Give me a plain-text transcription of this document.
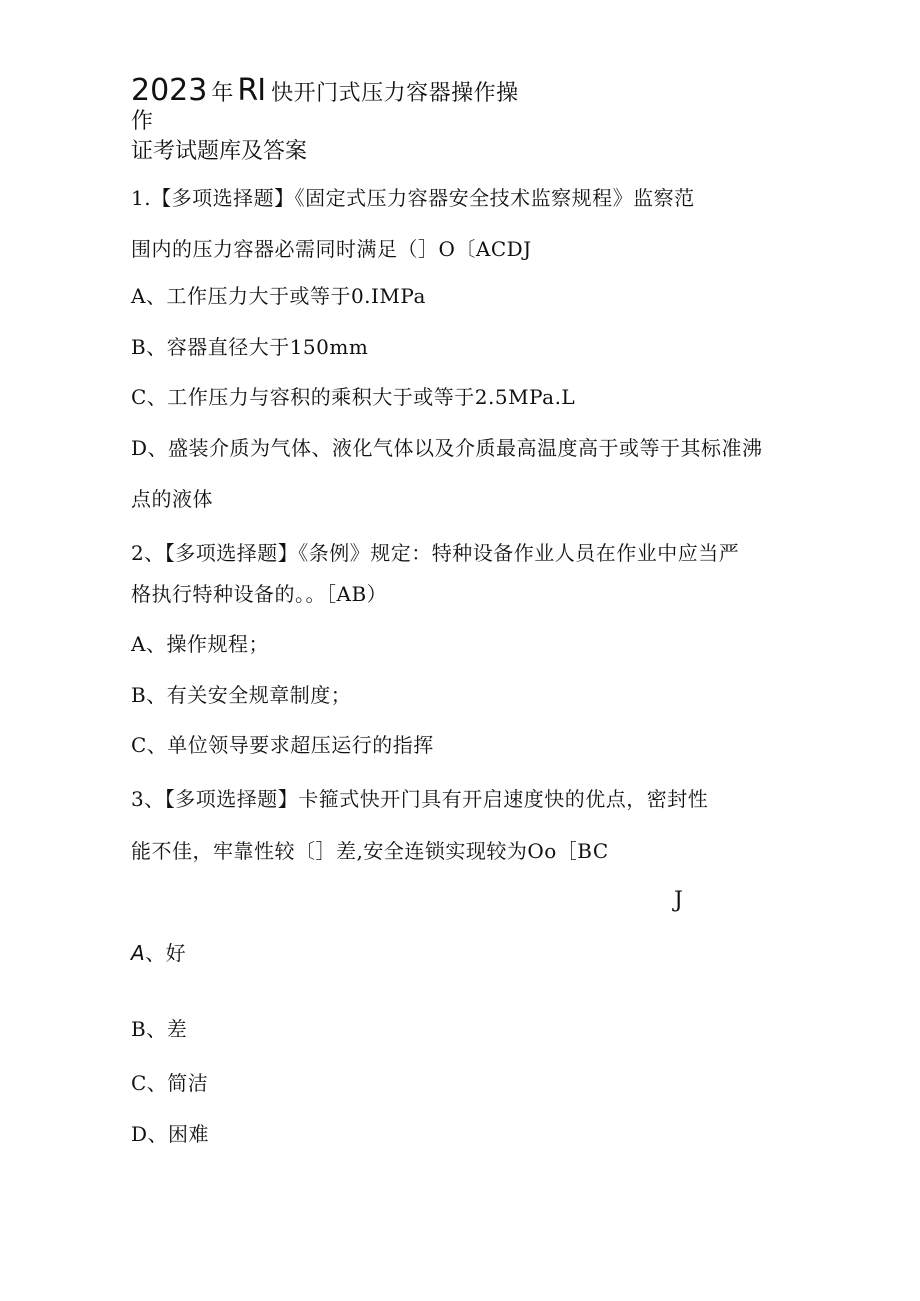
2023 年 RI 快开门式压力容器操作操
作
证考试题库及答案
1.【多项选择题】《固定式压力容器安全技术监察规程》监察范
围内的压力容器必需同时满足（］O〔ACDJ
A、工作压力大于或等于0.IMPa
B、容器直径大于150mm
C、工作压力与容积的乘积大于或等于2.5MPa.L
D、盛装介质为气体、液化气体以及介质最高温度高于或等于其标准沸
点的液体
2、【多项选择题】《条例》规定：特种设备作业人员在作业中应当严
格执行特种设备的。。［AB）
A、操作规程；
B、有关安全规章制度；
C、单位领导要求超压运行的指挥
3、【多项选择题】卡箍式快开门具有开启速度快的优点，密封性
能不佳，牢靠性较〔］差,安全连锁实现较为Oo［BC
J
A、好
B、差
C、简洁
D、困难
